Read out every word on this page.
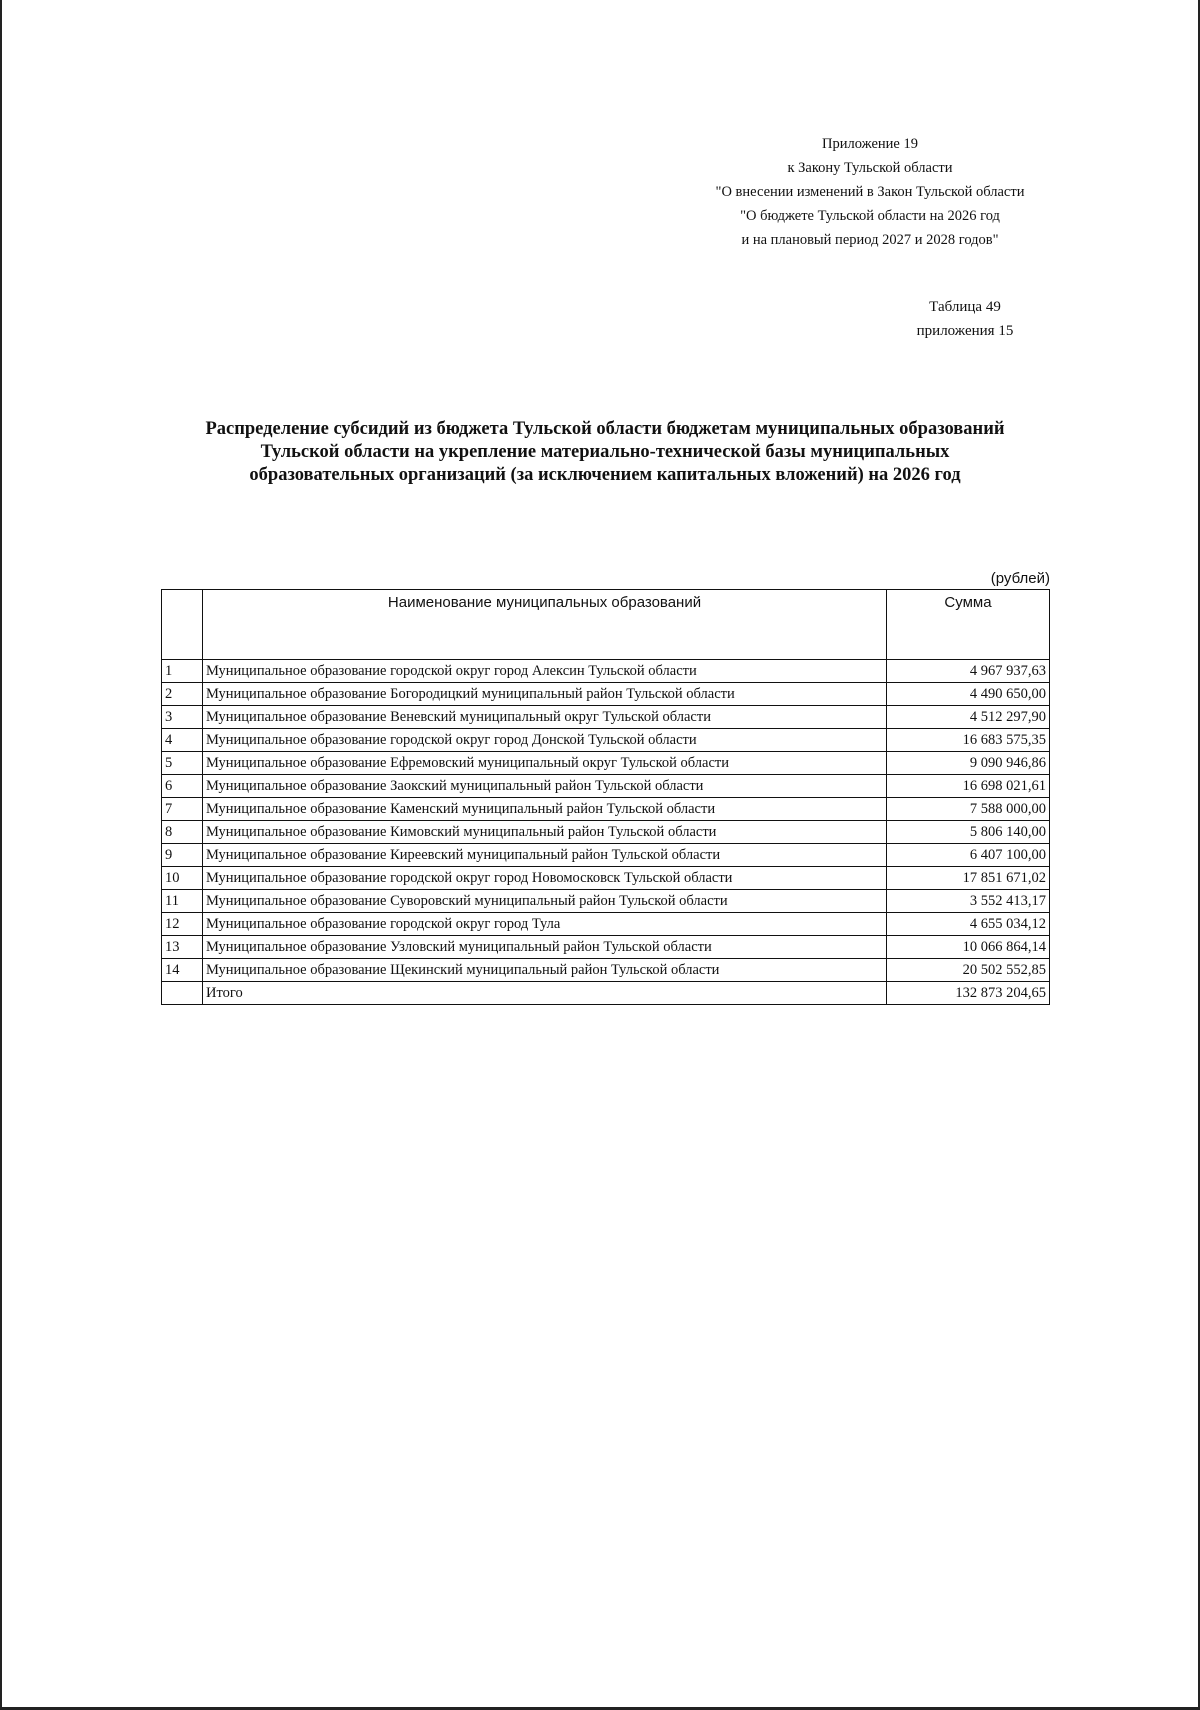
Приложение 19
к Закону Тульской области
"О внесении изменений в Закон Тульской области
"О бюджете Тульской области на 2026 год
и на плановый период 2027 и 2028 годов"
Таблица 49
приложения 15
Распределение субсидий из бюджета Тульской области бюджетам муниципальных образований
Тульской области на укрепление материально-технической базы муниципальных
образовательных организаций (за исключением капитальных вложений) на 2026 год
(рублей)
	Наименование муниципальных образований	Сумма
1	Муниципальное образование городской округ город Алексин Тульской области	4 967 937,63
2	Муниципальное образование Богородицкий муниципальный район Тульской области	4 490 650,00
3	Муниципальное образование Веневский муниципальный округ Тульской области	4 512 297,90
4	Муниципальное образование городской округ город Донской Тульской области	16 683 575,35
5	Муниципальное образование Ефремовский муниципальный округ Тульской области	9 090 946,86
6	Муниципальное образование Заокский муниципальный район Тульской области	16 698 021,61
7	Муниципальное образование Каменский муниципальный район Тульской области	7 588 000,00
8	Муниципальное образование Кимовский муниципальный район Тульской области	5 806 140,00
9	Муниципальное образование Киреевский муниципальный район Тульской области	6 407 100,00
10	Муниципальное образование городской округ город Новомосковск Тульской области	17 851 671,02
11	Муниципальное образование Суворовский муниципальный район Тульской области	3 552 413,17
12	Муниципальное образование городской округ город Тула	4 655 034,12
13	Муниципальное образование Узловский муниципальный район Тульской области	10 066 864,14
14	Муниципальное образование Щекинский муниципальный район Тульской области	20 502 552,85
	Итого	132 873 204,65
